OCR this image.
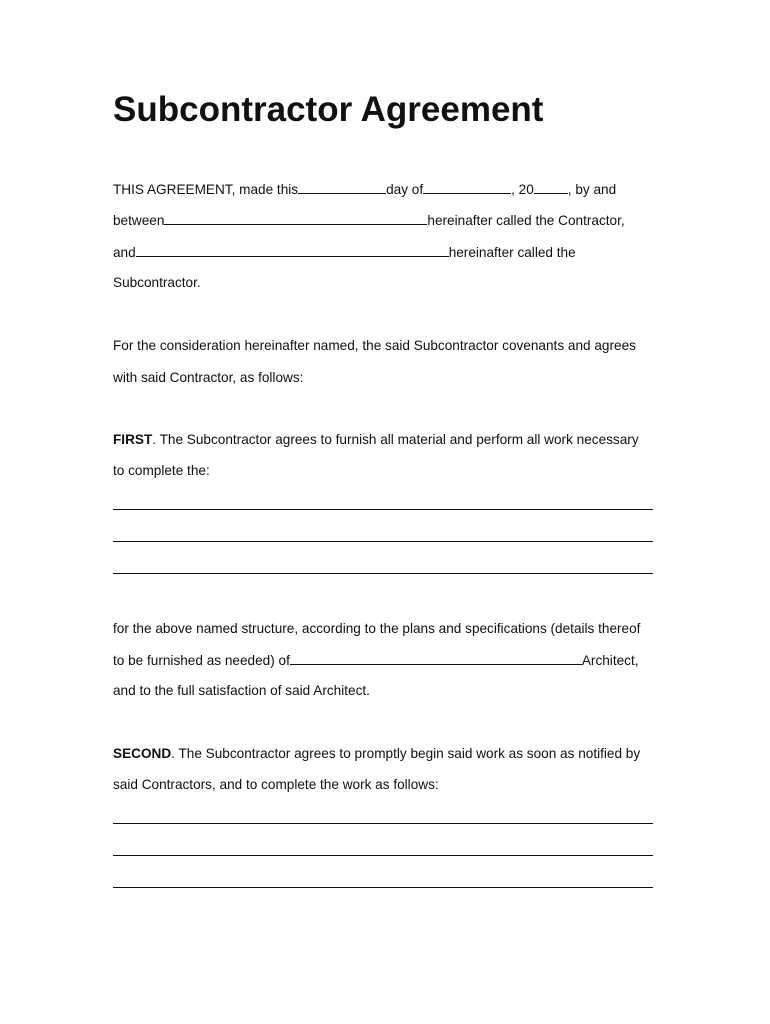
Subcontractor Agreement
THIS AGREEMENT, made this	day of	, 20	, by and
between	hereinafter called the Contractor,
and	hereinafter called the
Subcontractor.
For the consideration hereinafter named, the said Subcontractor covenants and agrees
with said Contractor, as follows:
FIRST. The Subcontractor agrees to furnish all material and perform all work necessary
to complete the:
for the above named structure, according to the plans and specifications (details thereof
to be furnished as needed) of	Architect,
and to the full satisfaction of said Architect.
SECOND. The Subcontractor agrees to promptly begin said work as soon as notified by
said Contractors, and to complete the work as follows:
